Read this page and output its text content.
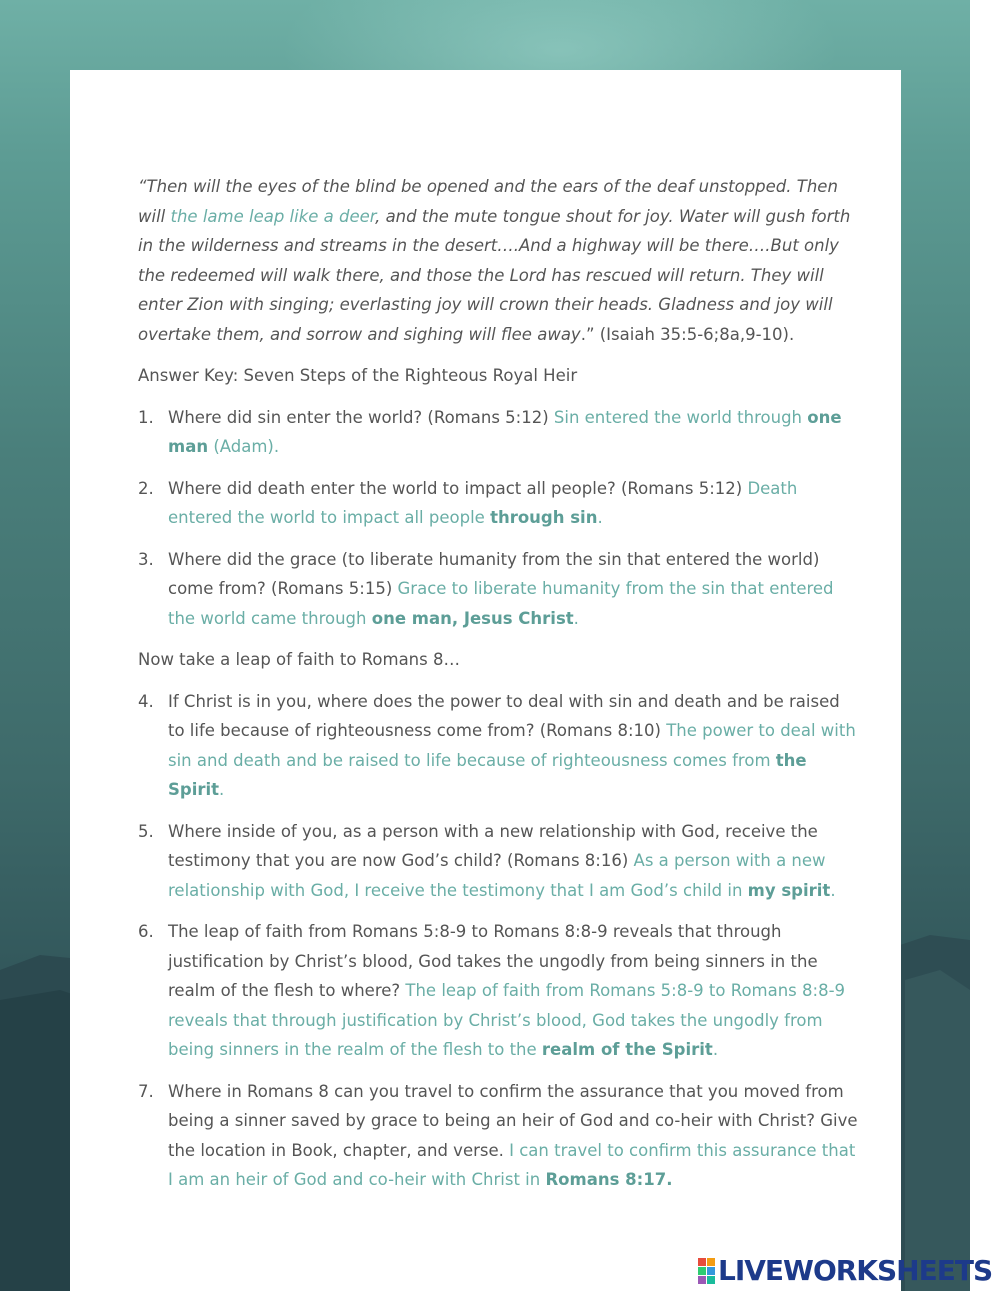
“Then will the eyes of the blind be opened and the ears of the deaf unstopped. Then will the lame leap like a deer, and the mute tongue shout for joy. Water will gush forth in the wilderness and streams in the desert….And a highway will be there….But only the redeemed will walk there, and those the Lord has rescued will return. They will enter Zion with singing; everlasting joy will crown their heads. Gladness and joy will overtake them, and sorrow and sighing will flee away.” (Isaiah 35:5-6;8a,9-10).

Answer Key: Seven Steps of the Righteous Royal Heir

1. Where did sin enter the world? (Romans 5:12) Sin entered the world through one man (Adam).
2. Where did death enter the world to impact all people? (Romans 5:12) Death entered the world to impact all people through sin.
3. Where did the grace (to liberate humanity from the sin that entered the world) come from? (Romans 5:15) Grace to liberate humanity from the sin that entered the world came through one man, Jesus Christ.

Now take a leap of faith to Romans 8…

4. If Christ is in you, where does the power to deal with sin and death and be raised to life because of righteousness come from? (Romans 8:10) The power to deal with sin and death and be raised to life because of righteousness comes from the Spirit.
5. Where inside of you, as a person with a new relationship with God, receive the testimony that you are now God’s child? (Romans 8:16) As a person with a new relationship with God, I receive the testimony that I am God’s child in my spirit.
6. The leap of faith from Romans 5:8-9 to Romans 8:8-9 reveals that through justification by Christ’s blood, God takes the ungodly from being sinners in the realm of the flesh to where? The leap of faith from Romans 5:8-9 to Romans 8:8-9 reveals that through justification by Christ’s blood, God takes the ungodly from being sinners in the realm of the flesh to the realm of the Spirit.
7. Where in Romans 8 can you travel to confirm the assurance that you moved from being a sinner saved by grace to being an heir of God and co-heir with Christ? Give the location in Book, chapter, and verse. I can travel to confirm this assurance that I am an heir of God and co-heir with Christ in Romans 8:17.
LIVEWORKSHEETS
